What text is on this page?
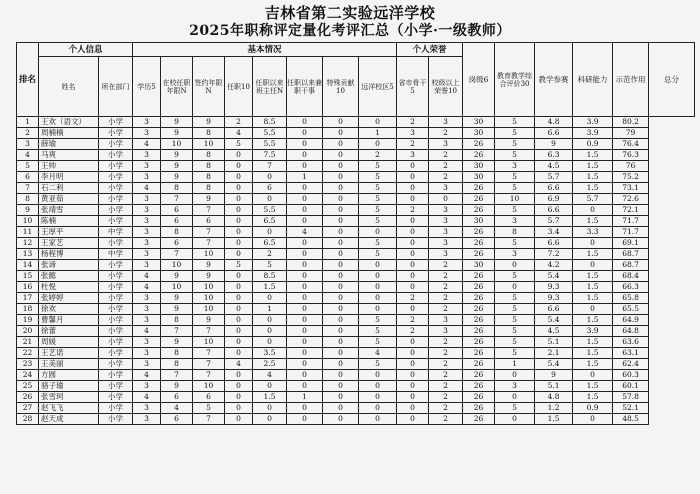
吉林省第二实验远洋学校
2025年职称评定量化考评汇总（小学·一级教师）
排名	个人信息		基本情况								个人荣誉		岗级6	教育教学综合评价30	教学参赛	科研能力	示范作用	总分
	姓名	所在部门	学历5	在校任职年限N	签约年限N	任职10	任职以来班主任N	任职以来兼职干事	特殊贡献10	远洋校区5	省市骨干5	校级以上荣誉10						
1	王欢（语文）	小学	3	9	9	2	8.5	0	0	0	2	3	30	5	4.8	3.9	80.2	
2	周楠楠	小学	3	9	8	4	5.5	0	0	1	3	2	30	5	6.6	3.9	79	
3	薛瑜	小学	4	10	10	5	5.5	0	0	0	2	3	26	5	9	0.9	76.4	
4	马爽	小学	3	9	8	0	7.5	0	0	2	3	2	26	5	6.3	1.5	76.3	
5	王帅	小学	3	9	8	0	7	0	0	5	0	2	30	3	4.5	1.5	76	
6	李月明	小学	3	9	8	0	0	1	0	5	0	2	30	5	5.7	1.5	75.2	
7	石二利	小学	4	8	8	0	6	0	0	5	0	3	26	5	6.6	1.5	73.1	
8	黄亚茹	小学	3	7	9	0	0	0	0	5	0	0	26	10	6.9	5.7	72.6	
9	张靖雪	小学	3	6	7	0	5.5	0	0	5	2	3	26	5	6.6	0	72.1	
10	陈楠	小学	3	6	6	0	6.5	0	0	5	0	3	30	3	5.7	1.5	71.7	
11	王厚平	中学	3	8	7	0	0	4	0	0	0	3	26	8	3.4	3.3	71.7	
12	王家艺	小学	3	6	7	0	6.5	0	0	5	0	3	26	5	6.6	0	69.1	
13	杨程博	中学	3	7	10	0	2	0	0	5	0	3	26	3	7.2	1.5	68.7	
14	张谛	小学	3	10	9	5	5	0	0	0	0	2	30	0	4.2	0	68.7	
15	张懿	小学	4	9	9	0	8.5	0	0	0	0	2	26	5	5.4	1.5	68.4	
16	杜悦	小学	4	10	10	0	1.5	0	0	0	0	2	26	0	9.3	1.5	66.3	
17	张婷婷	小学	3	9	10	0	0	0	0	0	2	2	26	5	9.3	1.5	65.8	
18	徐欢	小学	3	9	10	0	1	0	0	0	0	2	26	5	6.6	0	65.5	
19	曹馨月	小学	3	8	9	0	0	0	0	5	2	3	26	5	5.4	1.5	64.9	
20	徐蕾	小学	4	7	7	0	0	0	0	5	2	3	26	5	4.5	3.9	64.8	
21	周媛	小学	3	9	10	0	0	0	0	5	0	2	26	5	5.1	1.5	63.6	
22	王艺诺	小学	3	8	7	0	3.5	0	0	4	0	2	26	5	2.1	1.5	63.1	
23	王美丽	小学	3	8	7	4	2.5	0	0	5	0	2	26	1	5.4	1.5	62.4	
24	方圆	小学	4	7	7	0	4	0	0	0	0	2	26	0	9	0	60.3	
25	骆子瑜	小学	3	9	10	0	0	0	0	0	0	2	26	3	5.1	1.5	60.1	
26	张雪珂	小学	4	6	6	0	1.5	1	0	0	0	2	26	0	4.8	1.5	57.8	
27	赵飞飞	小学	3	4	5	0	0	0	0	0	0	2	26	5	1.2	0.9	52.1	
28	赵天成	小学	3	6	7	0	0	0	0	0	0	2	26	0	1.5	0	48.5	
